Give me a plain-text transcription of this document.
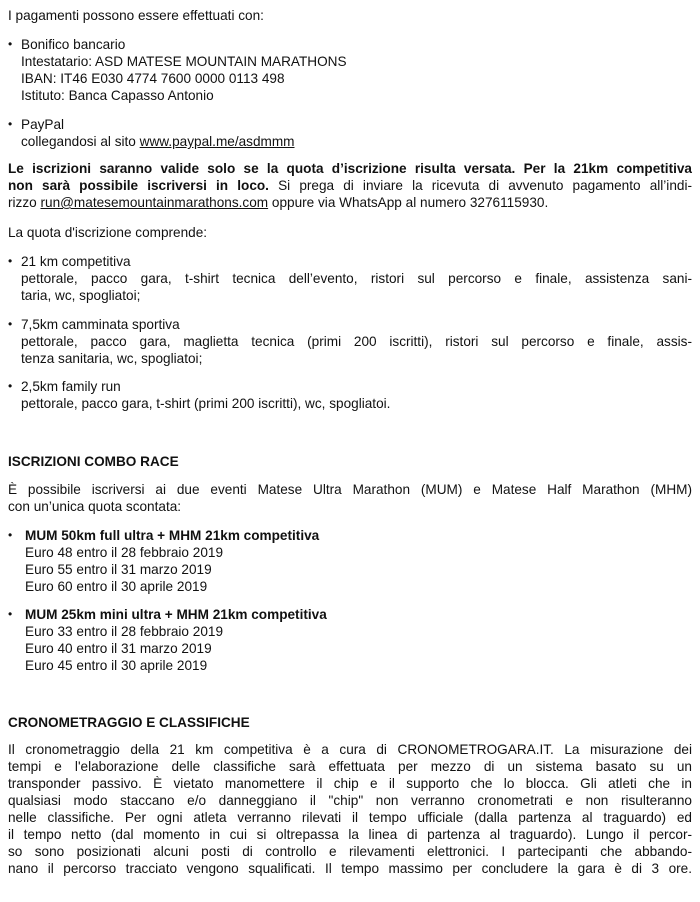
I pagamenti possono essere effettuati con:
• Bonifico bancario
Intestatario: ASD MATESE MOUNTAIN MARATHONS
IBAN: IT46 E030 4774 7600 0000 0113 498
Istituto: Banca Capasso Antonio
• PayPal
collegandosi al sito www.paypal.me/asdmmm
Le iscrizioni saranno valide solo se la quota d’iscrizione risulta versata. Per la 21km competitiva
non sarà possibile iscriversi in loco. Si prega di inviare la ricevuta di avvenuto pagamento all’indi-
rizzo run@matesemountainmarathons.com oppure via WhatsApp al numero 3276115930.
La quota d'iscrizione comprende:
• 21 km competitiva
pettorale, pacco gara, t-shirt tecnica dell’evento, ristori sul percorso e finale, assistenza sani-
taria, wc, spogliatoi;
• 7,5km camminata sportiva
pettorale, pacco gara, maglietta tecnica (primi 200 iscritti), ristori sul percorso e finale, assis-
tenza sanitaria, wc, spogliatoi;
• 2,5km family run
pettorale, pacco gara, t-shirt (primi 200 iscritti), wc, spogliatoi.
ISCRIZIONI COMBO RACE
È possibile iscriversi ai due eventi Matese Ultra Marathon (MUM) e Matese Half Marathon (MHM)
con un’unica quota scontata:
• MUM 50km full ultra + MHM 21km competitiva
Euro 48 entro il 28 febbraio 2019
Euro 55 entro il 31 marzo 2019
Euro 60 entro il 30 aprile 2019
• MUM 25km mini ultra + MHM 21km competitiva
Euro 33 entro il 28 febbraio 2019
Euro 40 entro il 31 marzo 2019
Euro 45 entro il 30 aprile 2019
CRONOMETRAGGIO E CLASSIFICHE
Il cronometraggio della 21 km competitiva è a cura di CRONOMETROGARA.IT. La misurazione dei
tempi e l'elaborazione delle classifiche sarà effettuata per mezzo di un sistema basato su un
transponder passivo. È vietato manomettere il chip e il supporto che lo blocca. Gli atleti che in
qualsiasi modo staccano e/o danneggiano il "chip" non verranno cronometrati e non risulteranno
nelle classifiche. Per ogni atleta verranno rilevati il tempo ufficiale (dalla partenza al traguardo) ed
il tempo netto (dal momento in cui si oltrepassa la linea di partenza al traguardo). Lungo il percor-
so sono posizionati alcuni posti di controllo e rilevamenti elettronici. I partecipanti che abbando-
nano il percorso tracciato vengono squalificati. Il tempo massimo per concludere la gara è di 3 ore.
